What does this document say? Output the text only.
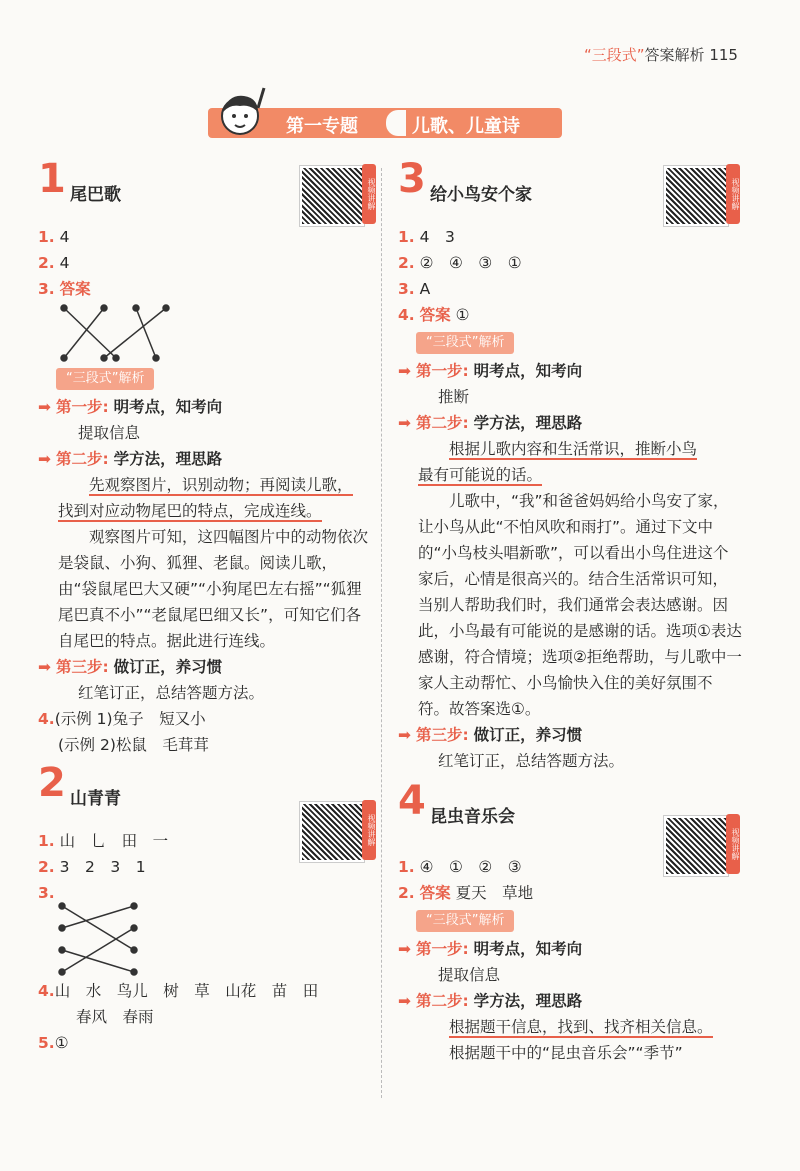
“三段式”答案解析 115
第一专题	儿歌、儿童诗
视频讲解
视频讲解
视频讲解
视频讲解
1 尾巴歌
1. 4
2. 4
3. 答案
“三段式”解析
➡ 第一步: 明考点，知考向
提取信息
➡ 第二步: 学方法，理思路
先观察图片，识别动物；再阅读儿歌，
找到对应动物尾巴的特点，完成连线。
观察图片可知，这四幅图片中的动物依次是袋鼠、小狗、狐狸、老鼠。阅读儿歌，由“袋鼠尾巴大又硬”“小狗尾巴左右摇”“狐狸尾巴真不小”“老鼠尾巴细又长”，可知它们各自尾巴的特点。据此进行连线。
➡ 第三步: 做订正，养习惯
红笔订正，总结答题方法。
4.(示例 1)兔子　短又小
(示例 2)松鼠　毛茸茸
2 山青青
1. 山　乚　田　一
2. 3　2　3　1
3.
4.山　水　鸟儿　树　草　山花　苗　田
春风　春雨
5.①
3 给小鸟安个家
1. 4　3
2. ②　④　③　①
3. A
4. 答案 ①
“三段式”解析
➡ 第一步: 明考点，知考向
推断
➡ 第二步: 学方法，理思路
根据儿歌内容和生活常识，推断小鸟
最有可能说的话。
儿歌中，“我”和爸爸妈妈给小鸟安了家，让小鸟从此“不怕风吹和雨打”。通过下文中的“小鸟枝头唱新歌”，可以看出小鸟住进这个家后，心情是很高兴的。结合生活常识可知，当别人帮助我们时，我们通常会表达感谢。因此，小鸟最有可能说的是感谢的话。选项①表达感谢，符合情境；选项②拒绝帮助，与儿歌中一家人主动帮忙、小鸟愉快入住的美好氛围不符。故答案选①。
➡ 第三步: 做订正，养习惯
红笔订正，总结答题方法。
4 昆虫音乐会
1. ④　①　②　③
2. 答案 夏天　草地
“三段式”解析
➡ 第一步: 明考点，知考向
提取信息
➡ 第二步: 学方法，理思路
根据题干信息，找到、找齐相关信息。
根据题干中的“昆虫音乐会”“季节”
